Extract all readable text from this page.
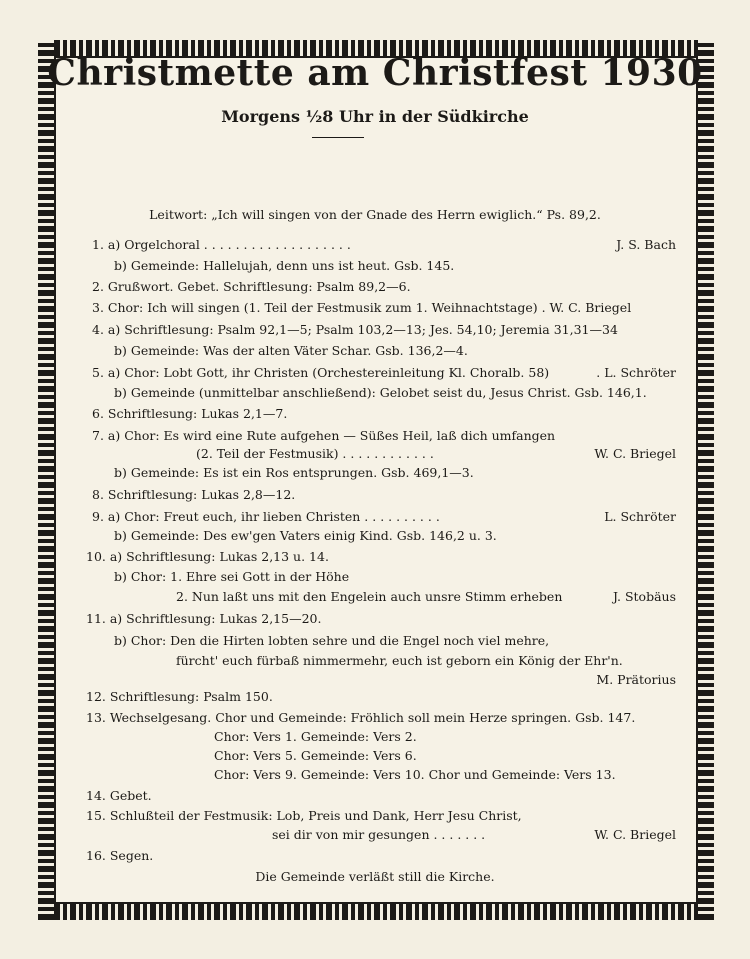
Christmette am Christfest 1930
Morgens ½8 Uhr in der Südkirche
Leitwort: „Ich will singen von der Gnade des Herrn ewiglich.“ Ps. 89,2.
1. a) Orgelchoral . . . . . . . . . . . . . . . . . . .	J. S. Bach
b) Gemeinde: Hallelujah, denn uns ist heut. Gsb. 145.
2. Grußwort. Gebet. Schriftlesung: Psalm 89,2—6.
3. Chor: Ich will singen (1. Teil der Festmusik zum 1. Weihnachtstage) . W. C. Briegel
4. a) Schriftlesung: Psalm 92,1—5; Psalm 103,2—13; Jes. 54,10; Jeremia 31,31—34
b) Gemeinde: Was der alten Väter Schar. Gsb. 136,2—4.
5. a) Chor: Lobt Gott, ihr Christen (Orchestereinleitung Kl. Choralb. 58)	. L. Schröter
b) Gemeinde (unmittelbar anschließend): Gelobet seist du, Jesus Christ. Gsb. 146,1.
6. Schriftlesung: Lukas 2,1—7.
7. a) Chor: Es wird eine Rute aufgehen — Süßes Heil, laß dich umfangen
(2. Teil der Festmusik) . . . . . . . . . . . .	W. C. Briegel
b) Gemeinde: Es ist ein Ros entsprungen. Gsb. 469,1—3.
8. Schriftlesung: Lukas 2,8—12.
9. a) Chor: Freut euch, ihr lieben Christen . . . . . . . . . .	L. Schröter
b) Gemeinde: Des ew'gen Vaters einig Kind. Gsb. 146,2 u. 3.
10. a) Schriftlesung: Lukas 2,13 u. 14.
b) Chor: 1. Ehre sei Gott in der Höhe
2. Nun laßt uns mit den Engelein auch unsre Stimm erheben	J. Stobäus
11. a) Schriftlesung: Lukas 2,15—20.
b) Chor: Den die Hirten lobten sehre und die Engel noch viel mehre,
fürcht' euch fürbaß nimmermehr, euch ist geborn ein König der Ehr'n.
M. Prätorius
12. Schriftlesung: Psalm 150.
13. Wechselgesang. Chor und Gemeinde: Fröhlich soll mein Herze springen. Gsb. 147.
Chor: Vers 1. Gemeinde: Vers 2.
Chor: Vers 5. Gemeinde: Vers 6.
Chor: Vers 9. Gemeinde: Vers 10. Chor und Gemeinde: Vers 13.
14. Gebet.
15. Schlußteil der Festmusik: Lob, Preis und Dank, Herr Jesu Christ,
sei dir von mir gesungen . . . . . . .	W. C. Briegel
16. Segen.
Die Gemeinde verläßt still die Kirche.
